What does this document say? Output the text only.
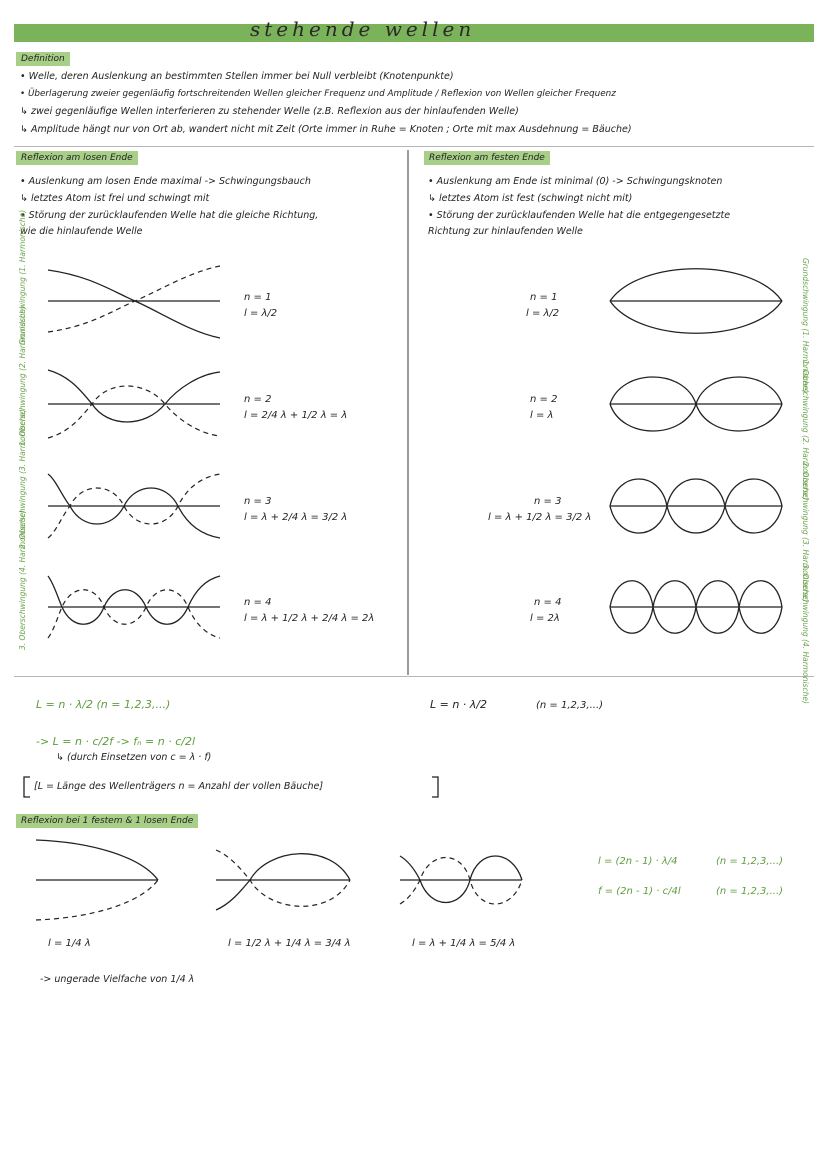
stehende wellen
Definition
• Welle, deren Auslenkung an bestimmten Stellen immer bei Null verbleibt (Knotenpunkte)
• Überlagerung zweier gegenläufig fortschreitenden Wellen gleicher Frequenz und Amplitude / Reflexion von Wellen gleicher Frequenz
↳ zwei gegenläufige Wellen interferieren zu stehender Welle (z.B. Reflexion aus der hinlaufenden Welle)
↳ Amplitude hängt nur von Ort ab, wandert nicht mit Zeit (Orte immer in Ruhe = Knoten ; Orte mit max Ausdehnung = Bäuche)
Reflexion am losen Ende
• Auslenkung am losen Ende maximal -> Schwingungsbauch
↳ letztes Atom ist frei und schwingt mit
• Störung der zurücklaufenden Welle hat die gleiche Richtung,
wie die hinlaufende Welle
Reflexion am festen Ende
• Auslenkung am Ende ist minimal (0) -> Schwingungsknoten
↳ letztes Atom ist fest (schwingt nicht mit)
• Störung der zurücklaufenden Welle hat die entgegengesetzte
Richtung zur hinlaufenden Welle
Grundschwingung (1. Harmonische)
1. Oberschwingung (2. Harmonische)
2. Oberschwingung (3. Harmonische)
3. Oberschwingung (4. Harmonische)
Grundschwingung (1. Harmonische)
1. Oberschwingung (2. Harmonische)
2. Oberschwingung (3. Harmonische)
3. Oberschwingung (4. Harmonische)
n = 1
l = λ/2
n = 2
l = 2/4 λ + 1/2 λ = λ
n = 3
l = λ + 2/4 λ = 3/2 λ
n = 4
l = λ + 1/2 λ + 2/4 λ = 2λ
n = 1
l = λ/2
n = 2
l = λ
n = 3
l = λ + 1/2 λ = 3/2 λ
n = 4
l = 2λ
L = n · λ/2 (n = 1,2,3,...)
-> L = n · c/2f -> fₙ = n · c/2l
↳ (durch Einsetzen von c = λ · f)
[L = Länge des Wellenträgers n = Anzahl der vollen Bäuche]
L = n · λ/2	(n = 1,2,3,...)
Reflexion bei 1 festem & 1 losen Ende
l = 1/4 λ	l = 1/2 λ + 1/4 λ = 3/4 λ	l = λ + 1/4 λ = 5/4 λ
-> ungerade Vielfache von 1/4 λ
l = (2n - 1) · λ/4	(n = 1,2,3,...)
f = (2n - 1) · c/4l	(n = 1,2,3,...)
